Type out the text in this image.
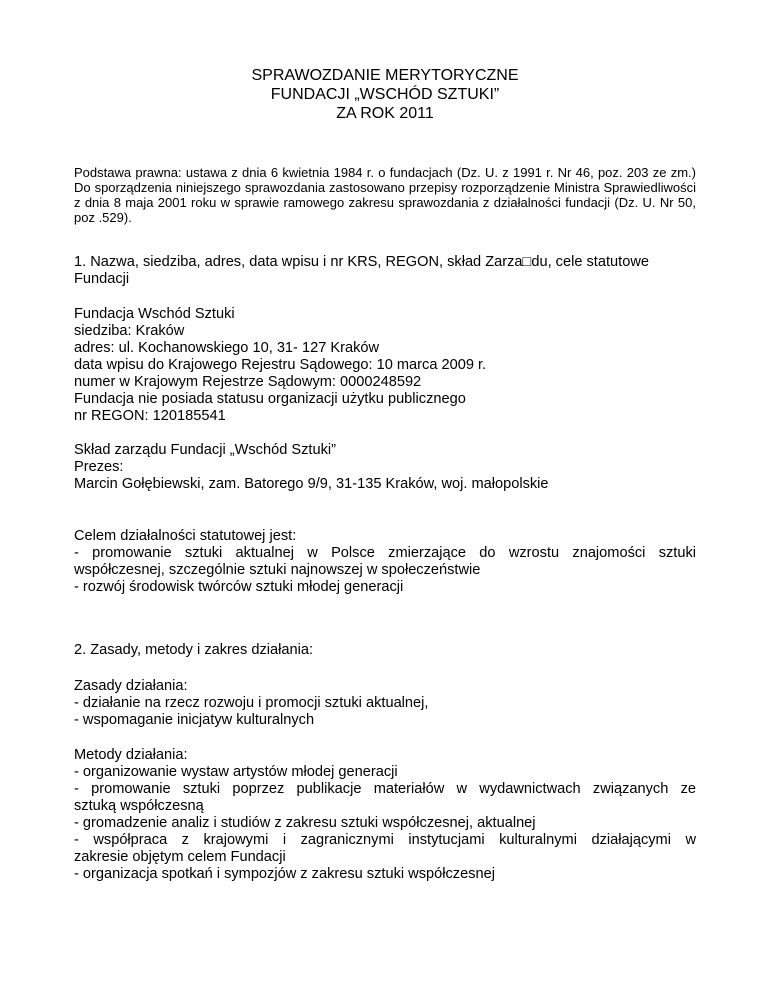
SPRAWOZDANIE MERYTORYCZNE

FUNDACJI „WSCHÓD SZTUKI”

ZA ROK 2011

Podstawa prawna: ustawa z dnia 6 kwietnia 1984 r. o fundacjach (Dz. U. z 1991 r. Nr 46, poz. 203 ze zm.) Do sporządzenia niniejszego sprawozdania zastosowano przepisy rozporządzenie Ministra Sprawiedliwości z dnia 8 maja 2001 roku w sprawie ramowego zakresu sprawozdania z działalności fundacji (Dz. U. Nr 50, poz .529).

1. Nazwa, siedziba, adres, data wpisu i nr KRS, REGON, skład Zarza□du, cele statutowe

Fundacji

Fundacja Wschód Sztuki
siedziba: Kraków
adres: ul. Kochanowskiego 10, 31- 127 Kraków
data wpisu do Krajowego Rejestru Sądowego: 10 marca 2009 r.
numer w Krajowym Rejestrze Sądowym: 0000248592
Fundacja nie posiada statusu organizacji użytku publicznego
nr REGON: 120185541
Skład zarządu Fundacji „Wschód Sztuki”
Prezes:
Marcin Gołębiewski, zam. Batorego 9/9, 31-135 Kraków, woj. małopolskie
Celem działalności statutowej jest:
- promowanie sztuki aktualnej w Polsce zmierzające do wzrostu znajomości sztuki
współczesnej, szczególnie sztuki najnowszej w społeczeństwie
- rozwój środowisk twórców sztuki młodej generacji
2. Zasady, metody i zakres działania:
Zasady działania:
- działanie na rzecz rozwoju i promocji sztuki aktualnej,
- wspomaganie inicjatyw kulturalnych
Metody działania:
- organizowanie wystaw artystów młodej generacji
- promowanie sztuki poprzez publikacje materiałów w wydawnictwach związanych ze
sztuką współczesną
- gromadzenie analiz i studiów z zakresu sztuki współczesnej, aktualnej
- współpraca z krajowymi i zagranicznymi instytucjami kulturalnymi działającymi w
zakresie objętym celem Fundacji
- organizacja spotkań i sympozjów z zakresu sztuki współczesnej
